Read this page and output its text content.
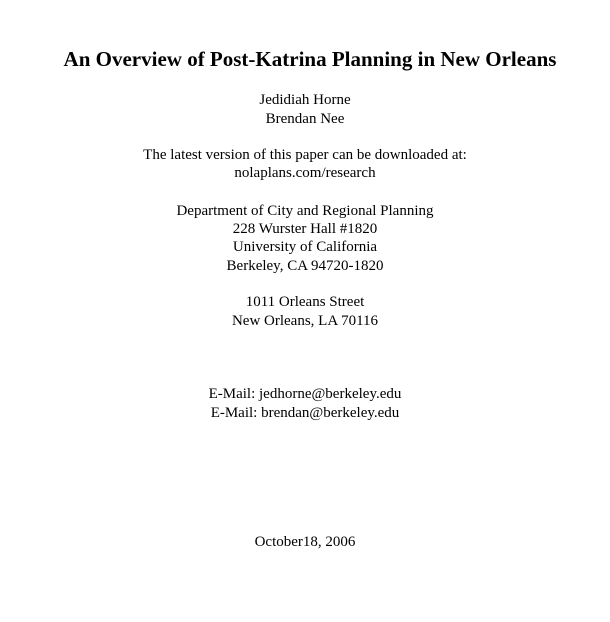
An Overview of Post-Katrina Planning in New Orleans
Jedidiah Horne
Brendan Nee
The latest version of this paper can be downloaded at:
nolaplans.com/research
Department of City and Regional Planning
228 Wurster Hall #1820
University of California
Berkeley, CA 94720-1820
1011 Orleans Street
New Orleans, LA 70116
E-Mail: jedhorne@berkeley.edu
E-Mail: brendan@berkeley.edu
October18, 2006
